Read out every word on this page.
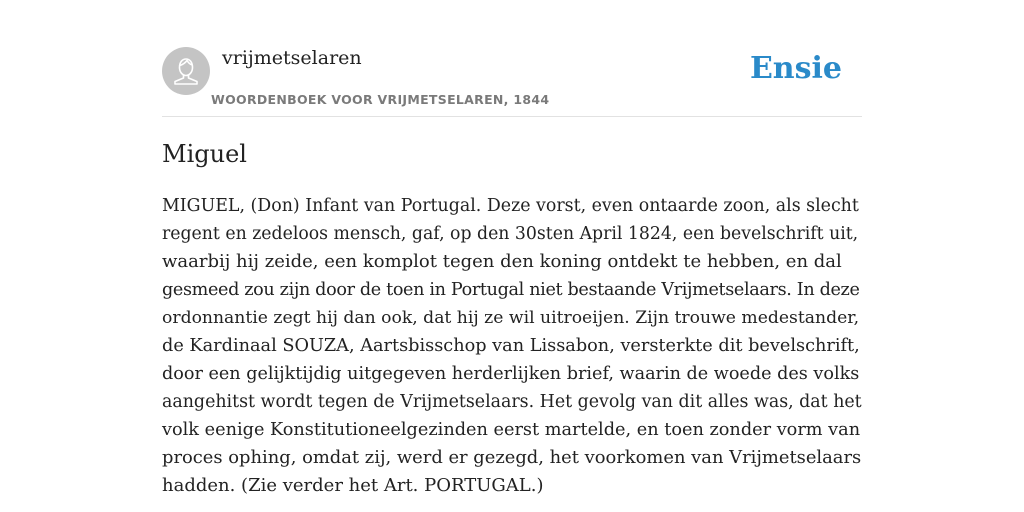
vrijmetselaren
WOORDENBOEK VOOR VRIJMETSELAREN, 1844
Ensie
Miguel
MIGUEL, (Don) Infant van Portugal. Deze vorst, even ontaarde zoon, als slecht
regent en zedeloos mensch, gaf, op den 30sten April 1824, een bevelschrift uit,
waarbij hij zeide, een komplot tegen den koning ontdekt te hebben, en dal
gesmeed zou zijn door de toen in Portugal niet bestaande Vrijmetselaars. In deze
ordonnantie zegt hij dan ook, dat hij ze wil uitroeijen. Zijn trouwe medestander,
de Kardinaal SOUZA, Aartsbisschop van Lissabon, versterkte dit bevelschrift,
door een gelijktijdig uitgegeven herderlijken brief, waarin de woede des volks
aangehitst wordt tegen de Vrijmetselaars. Het gevolg van dit alles was, dat het
volk eenige Konstitutioneelgezinden eerst martelde, en toen zonder vorm van
proces ophing, omdat zij, werd er gezegd, het voorkomen van Vrijmetselaars
hadden. (Zie verder het Art. PORTUGAL.)
